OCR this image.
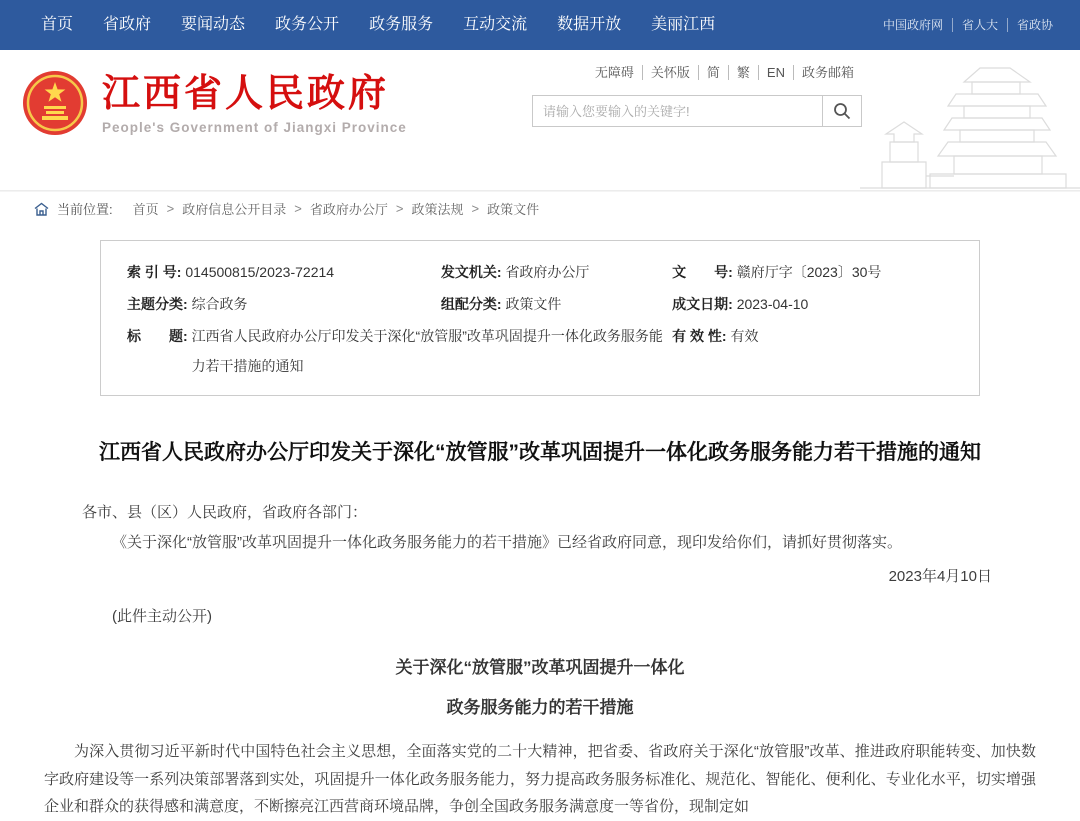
首页	省政府	要闻动态	政务公开	政务服务	互动交流	数据开放	美丽江西	中国政府网	省人大	省政协
江西省人民政府
People's Government of Jiangxi Province
无障碍 关怀版 简 繁 EN 政务邮箱
请输入您要输入的关键字!
当前位置: 首页 > 政府信息公开目录 > 省政府办公厅 > 政策法规 > 政策文件
索 引 号: 014500815/2023-72214	发文机关: 省政府办公厅	文　　号: 赣府厅字〔2023〕30号
主题分类: 综合政务	组配分类: 政策文件	成文日期: 2023-04-10
标　　题: 江西省人民政府办公厅印发关于深化“放管服”改革巩固提升一体化政务服务能力若干措施的通知
有 效 性: 有效
江西省人民政府办公厅印发关于深化“放管服”改革巩固提升一体化政务服务能力若干措施的通知

各市、县（区）人民政府，省政府各部门：

《关于深化“放管服”改革巩固提升一体化政务服务能力的若干措施》已经省政府同意，现印发给你们，请抓好贯彻落实。

2023年4月10日

(此件主动公开)

关于深化“放管服”改革巩固提升一体化
政务服务能力的若干措施

为深入贯彻习近平新时代中国特色社会主义思想，全面落实党的二十大精神，把省委、省政府关于深化“放管服”改革、推进政府职能转变、加快数字政府建设等一系列决策部署落到实处，巩固提升一体化政务服务能力，努力提高政务服务标准化、规范化、智能化、便利化、专业化水平，切实增强企业和群众的获得感和满意度，不断擦亮江西营商环境品牌，争创全国政务服务满意度一等省份，现制定如
